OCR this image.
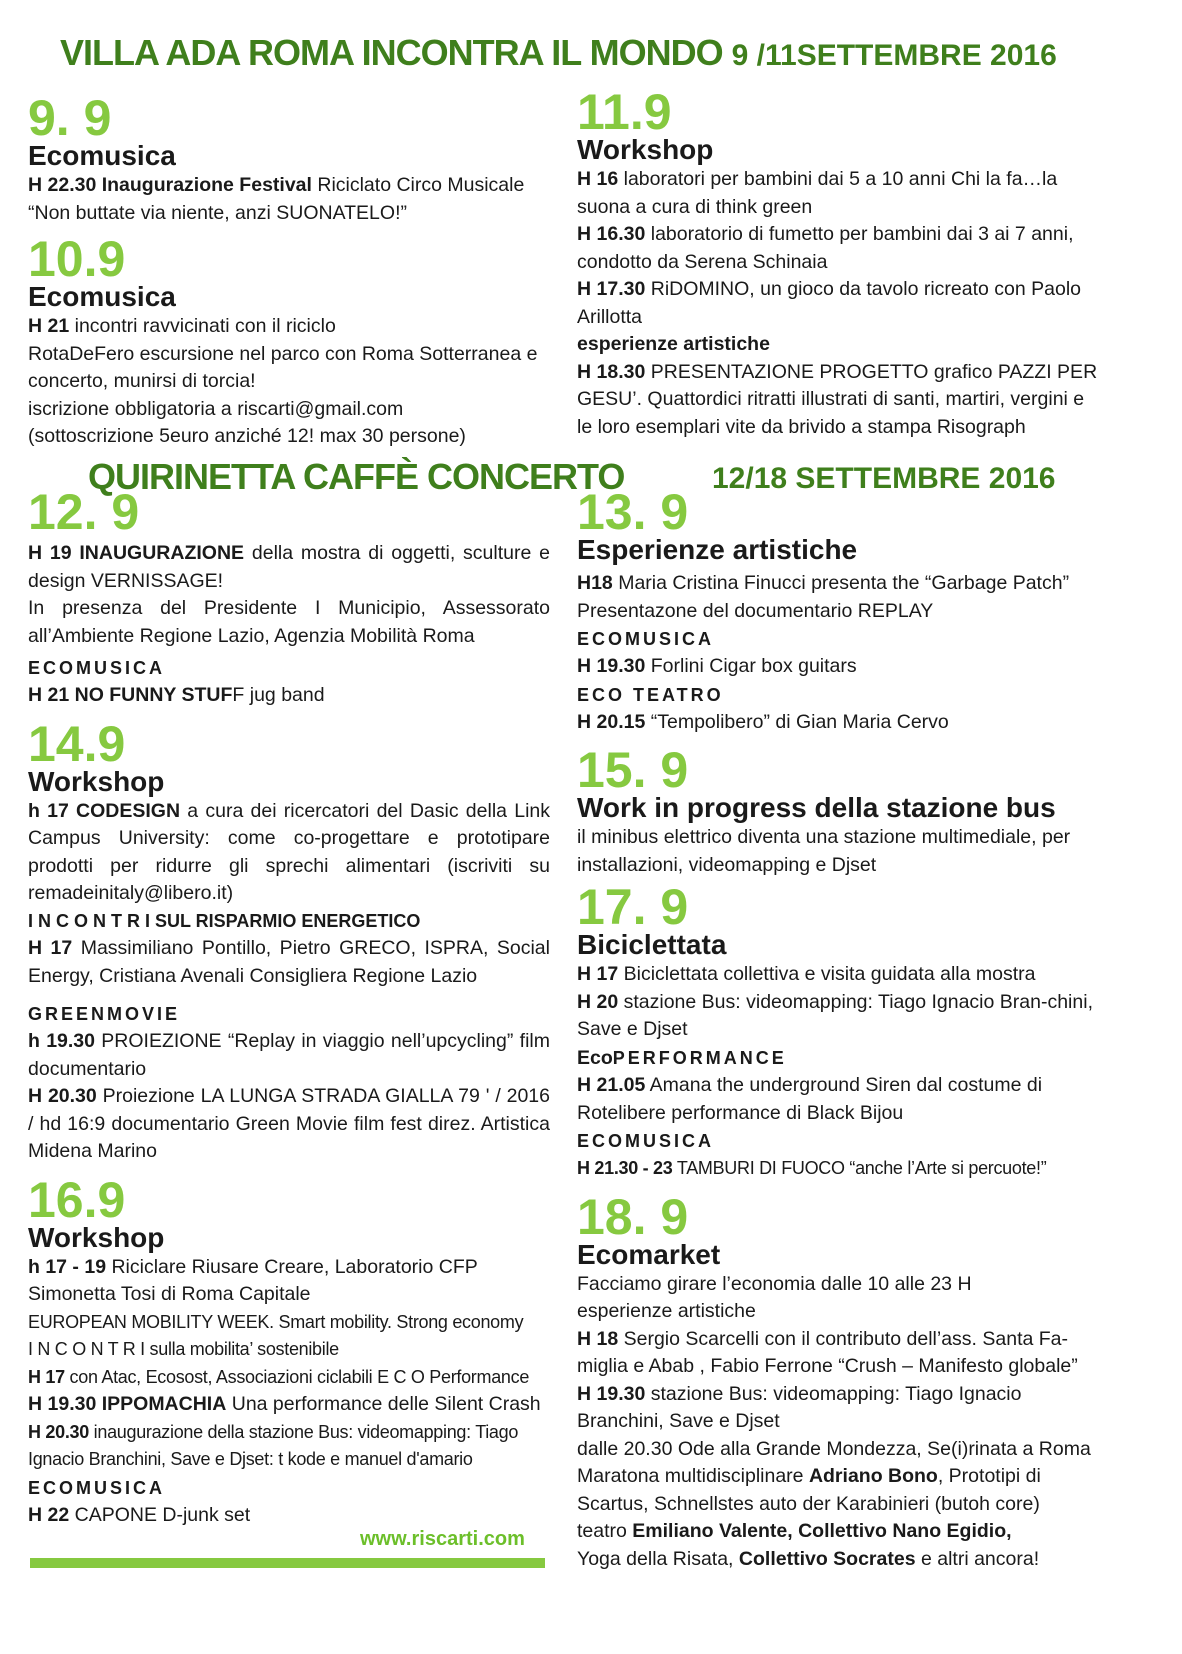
VILLA ADA ROMA INCONTRA IL MONDO 9 /11SETTEMBRE 2016

9. 9

Ecomusica

H 22.30 Inaugurazione Festival Riciclato Circo Musicale “Non buttate via niente, anzi SUONATELO!”

10.9

Ecomusica

H 21 incontri ravvicinati con il riciclo

RotaDeFero escursione nel parco con Roma Sotterranea e concerto, munirsi di torcia!

iscrizione obbligatoria a riscarti@gmail.com

(sottoscrizione 5euro anziché 12! max 30 persone)

11.9

Workshop

H 16 laboratori per bambini dai 5 a 10 anni Chi la fa…la suona a cura di think green

H 16.30 laboratorio di fumetto per bambini dai 3 ai 7 anni, condotto da Serena Schinaia

H 17.30 RiDOMINO, un gioco da tavolo ricreato con Paolo Arillotta

esperienze artistiche

H 18.30 PRESENTAZIONE PROGETTO grafico PAZZI PER GESU’. Quattordici ritratti illustrati di santi, martiri, vergini e le loro esemplari vite da brivido a stampa Risograph

QUIRINETTA CAFFÈ CONCERTO	12/18 SETTEMBRE 2016

12. 9

H 19 INAUGURAZIONE della mostra di oggetti, sculture e design VERNISSAGE!

In presenza del Presidente I Municipio, Assessorato all’Ambiente Regione Lazio, Agenzia Mobilità Roma

ECOMUSICA

H 21 NO FUNNY STUFF jug band

14.9

Workshop

h 17 CODESIGN a cura dei ricercatori del Dasic della Link Campus University: come co-progettare e prototipare prodotti per ridurre gli sprechi alimentari (iscriviti su remadeinitaly@libero.it)

I N C O N T R I SUL RISPARMIO ENERGETICO

H 17 Massimiliano Pontillo, Pietro GRECO, ISPRA, Social Energy, Cristiana Avenali Consigliera Regione Lazio

GREENMOVIE

h 19.30 PROIEZIONE “Replay in viaggio nell’upcycling” film documentario

H 20.30 Proiezione LA LUNGA STRADA GIALLA 79 ' / 2016 / hd 16:9 documentario Green Movie film fest direz. Artistica Midena Marino

16.9

Workshop

h 17 - 19 Riciclare Riusare Creare, Laboratorio CFP Simonetta Tosi di Roma Capitale

EUROPEAN MOBILITY WEEK. Smart mobility. Strong economy

I N C O N T R I sulla mobilita’ sostenibile

H 17 con Atac, Ecosost, Associazioni ciclabili E C O Performance

H 19.30 IPPOMACHIA Una performance delle Silent Crash

H 20.30 inaugurazione della stazione Bus: videomapping: Tiago Ignacio Branchini, Save e Djset: t kode e manuel d'amario

ECOMUSICA

H 22 CAPONE D-junk set

13. 9

Esperienze artistiche

H18 Maria Cristina Finucci presenta the “Garbage Patch”

Presentazone del documentario REPLAY

ECOMUSICA

H 19.30 Forlini Cigar box guitars

ECO TEATRO

H 20.15 “Tempolibero” di Gian Maria Cervo

15. 9

Work in progress della stazione bus

il minibus elettrico diventa una stazione multimediale, per installazioni, videomapping e Djset

17. 9

Biciclettata

H 17 Biciclettata collettiva e visita guidata alla mostra

H 20 stazione Bus: videomapping: Tiago Ignacio Bran-chini, Save e Djset

EcoPERFORMANCE

H 21.05 Amana the underground Siren dal costume di Rotelibere performance di Black Bijou

ECOMUSICA

H 21.30 - 23 TAMBURI DI FUOCO “anche l’Arte si percuote!”

18. 9

Ecomarket

Facciamo girare l’economia dalle 10 alle 23 H

esperienze artistiche

H 18 Sergio Scarcelli con il contributo dell’ass. Santa Fa-miglia e Abab , Fabio Ferrone “Crush – Manifesto globale”

H 19.30 stazione Bus: videomapping: Tiago Ignacio Branchini, Save e Djset

dalle 20.30 Ode alla Grande Mondezza, Se(i)rinata a Roma

Maratona multidisciplinare Adriano Bono, Prototipi di Scartus, Schnellstes auto der Karabinieri (butoh core)

teatro Emiliano Valente, Collettivo Nano Egidio,

Yoga della Risata, Collettivo Socrates e altri ancora!

www.riscarti.com
